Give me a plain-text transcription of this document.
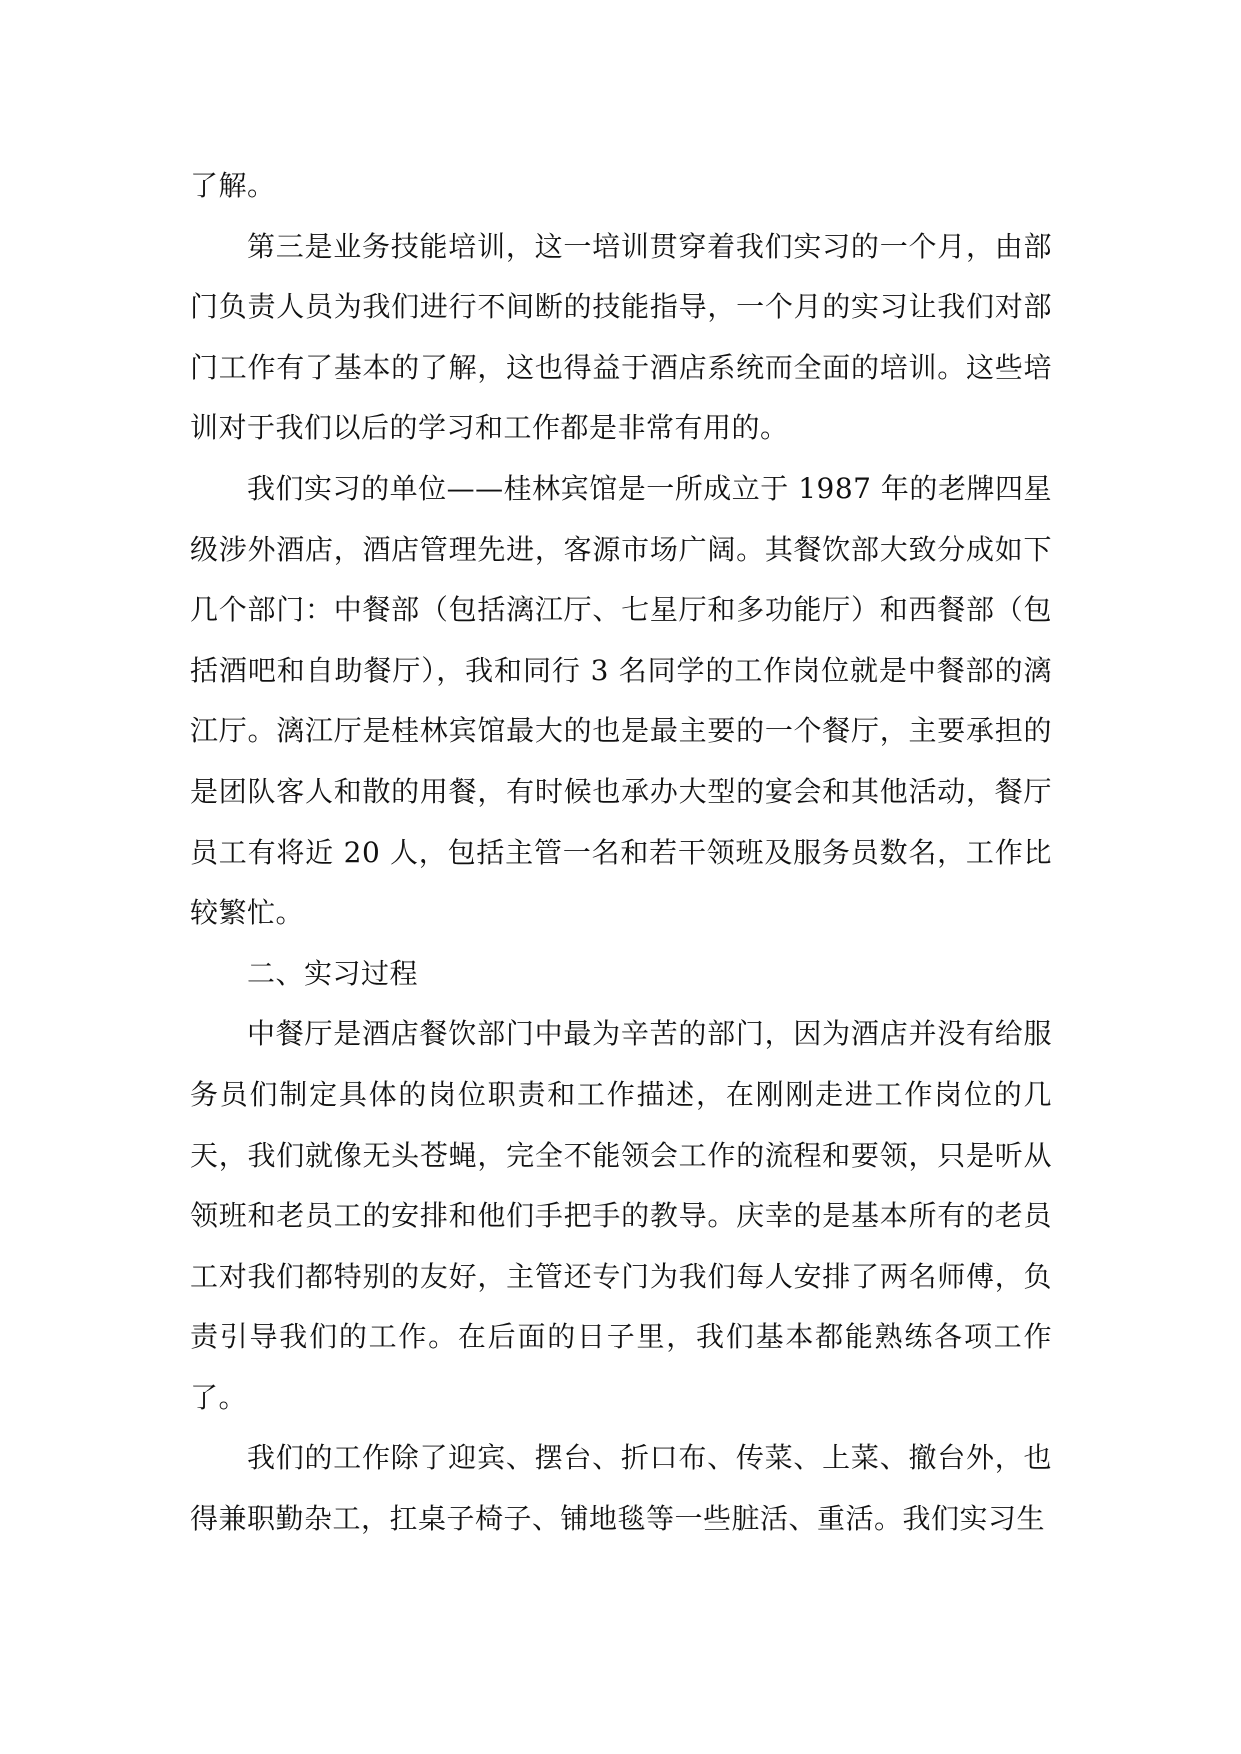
了解。

第三是业务技能培训，这一培训贯穿着我们实习的一个月，由部门负责人员为我们进行不间断的技能指导，一个月的实习让我们对部门工作有了基本的了解，这也得益于酒店系统而全面的培训。这些培训对于我们以后的学习和工作都是非常有用的。

我们实习的单位——桂林宾馆是一所成立于 1987 年的老牌四星级涉外酒店，酒店管理先进，客源市场广阔。其餐饮部大致分成如下几个部门：中餐部（包括漓江厅、七星厅和多功能厅）和西餐部（包括酒吧和自助餐厅），我和同行 3 名同学的工作岗位就是中餐部的漓江厅。漓江厅是桂林宾馆最大的也是最主要的一个餐厅，主要承担的是团队客人和散的用餐，有时候也承办大型的宴会和其他活动，餐厅员工有将近 20 人，包括主管一名和若干领班及服务员数名，工作比较繁忙。

二、实习过程

中餐厅是酒店餐饮部门中最为辛苦的部门，因为酒店并没有给服务员们制定具体的岗位职责和工作描述，在刚刚走进工作岗位的几天，我们就像无头苍蝇，完全不能领会工作的流程和要领，只是听从领班和老员工的安排和他们手把手的教导。庆幸的是基本所有的老员工对我们都特别的友好，主管还专门为我们每人安排了两名师傅，负责引导我们的工作。在后面的日子里，我们基本都能熟练各项工作了。

我们的工作除了迎宾、摆台、折口布、传菜、上菜、撤台外，也得兼职勤杂工，扛桌子椅子、铺地毯等一些脏活、重活。我们实习生
